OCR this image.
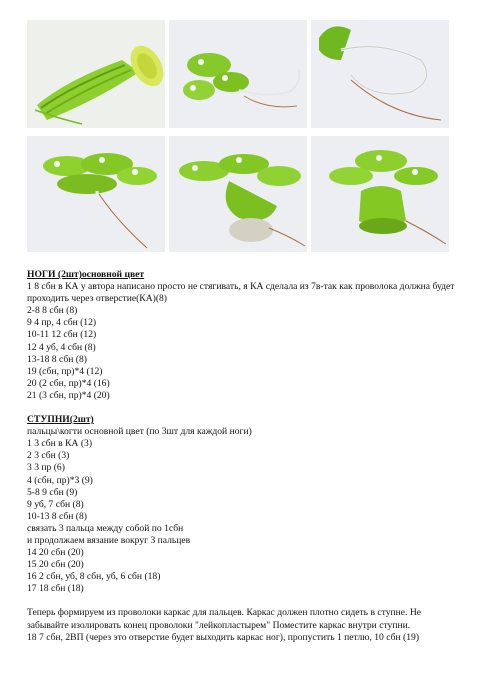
НОГИ (2шт)основной цвет

1 8 сбн в КА у автора написано просто не стягивать, я КА сделала из 7в-так как проволока должна будет проходить через отверстие(КА)(8)

2-8 8 сбн (8)

9 4 пр, 4 сбн (12)

10-11 12 сбн (12)

12 4 уб, 4 сбн (8)

13-18 8 сбн (8)

19 (сбн, пр)*4 (12)

20 (2 сбн, пр)*4 (16)

21 (3 сбн, пр)*4 (20)

СТУПНИ(2шт)

пальцы\когти основной цвет (по 3шт для каждой ноги)

1 3 сбн в КА (3)

2 3 сбн (3)

3 3 пр (6)

4 (сбн, пр)*3 (9)

5-8 9 сбн (9)

9 уб, 7 сбн (8)

10-13 8 сбн (8)

связать 3 пальца между собой по 1сбн

и продолжаем вязание вокруг 3 пальцев

14 20 сбн (20)

15 20 сбн (20)

16 2 сбн, уб, 8 сбн, уб, 6 сбн (18)

17 18 сбн (18)

Теперь формируем из проволоки каркас для пальцев. Каркас должен плотно сидеть в ступне. Не забывайте изолировать конец проволоки "лейкопластырем" Поместите каркас внутри ступни.

18 7 сбн, 2ВП (через это отверстие будет выходить каркас ног), пропустить 1 петлю, 10 сбн (19)
